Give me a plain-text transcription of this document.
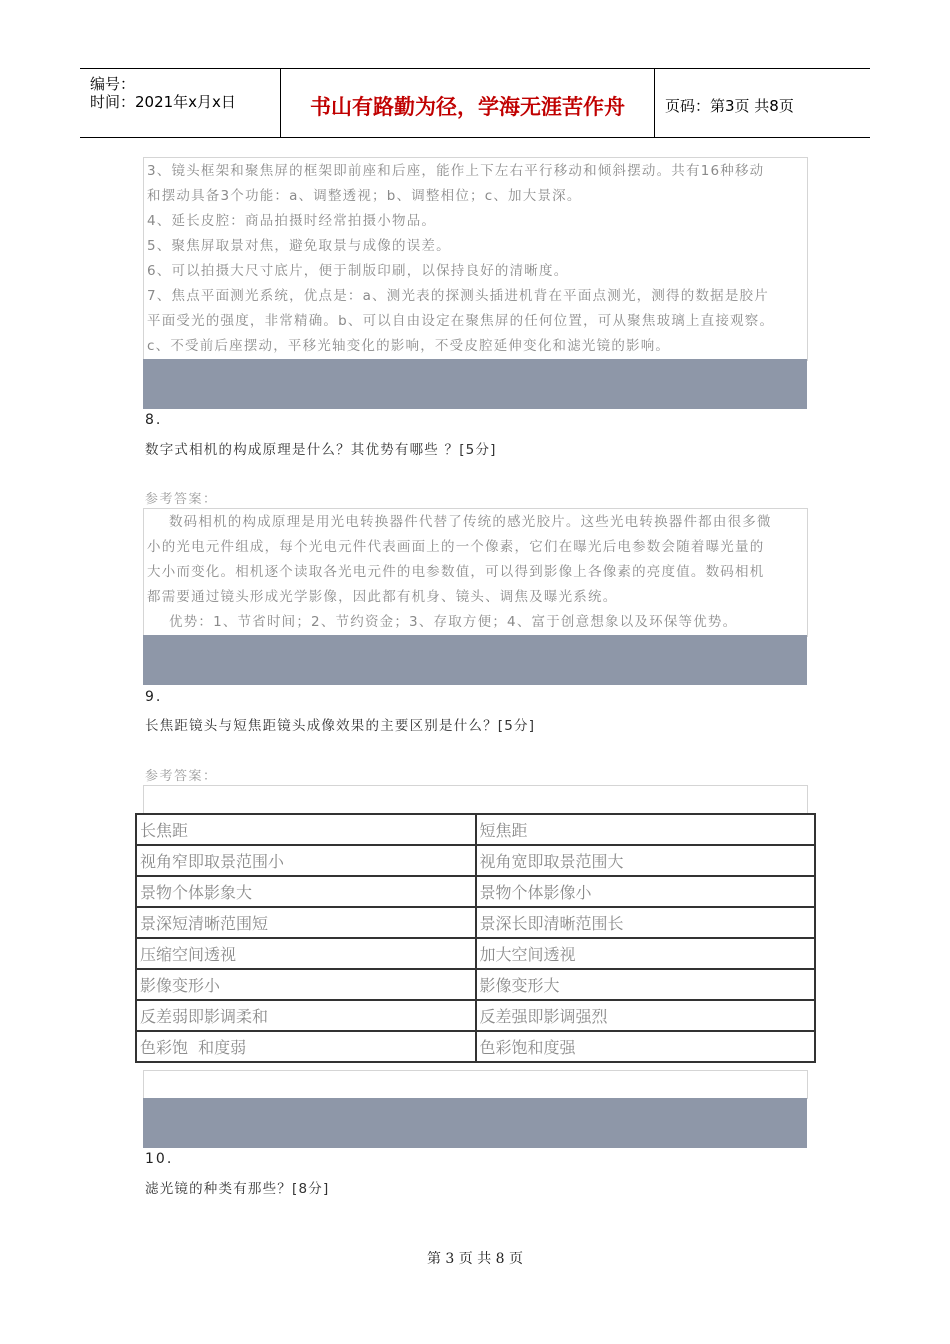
编号：
时间：2021年x月x日	书山有路勤为径，学海无涯苦作舟	页码：第3页 共8页

3、镜头框架和聚焦屏的框架即前座和后座，能作上下左右平行移动和倾斜摆动。共有16种移动

和摆动具备3个功能：a、调整透视；b、调整相位；c、加大景深。

4、延长皮腔：商品拍摄时经常拍摄小物品。

5、聚焦屏取景对焦，避免取景与成像的误差。

6、可以拍摄大尺寸底片，便于制版印刷，以保持良好的清晰度。

7、焦点平面测光系统，优点是：a、测光表的探测头插进机背在平面点测光，测得的数据是胶片

平面受光的强度，非常精确。b、可以自由设定在聚焦屏的任何位置，可从聚焦玻璃上直接观察。

c、不受前后座摆动，平移光轴变化的影响，不受皮腔延伸变化和滤光镜的影响。

8.
数字式相机的构成原理是什么？其优势有哪些 ？[5分]
参考答案：

数码相机的构成原理是用光电转换器件代替了传统的感光胶片。这些光电转换器件都由很多微

小的光电元件组成，每个光电元件代表画面上的一个像素，它们在曝光后电参数会随着曝光量的

大小而变化。相机逐个读取各光电元件的电参数值，可以得到影像上各像素的亮度值。数码相机

都需要通过镜头形成光学影像，因此都有机身、镜头、调焦及曝光系统。

优势：1、节省时间；2、节约资金；3、存取方便；4、富于创意想象以及环保等优势。

9.
长焦距镜头与短焦距镜头成像效果的主要区别是什么？[5分]
参考答案：
长焦距	短焦距
视角窄即取景范围小	视角宽即取景范围大
景物个体影象大	景物个体影像小
景深短清晰范围短	景深长即清晰范围长
压缩空间透视	加大空间透视
影像变形小	影像变形大
反差弱即影调柔和	反差强即影调强烈
色彩饱  和度弱	色彩饱和度强
10.
滤光镜的种类有那些？[8分]
第 3 页 共 8 页
